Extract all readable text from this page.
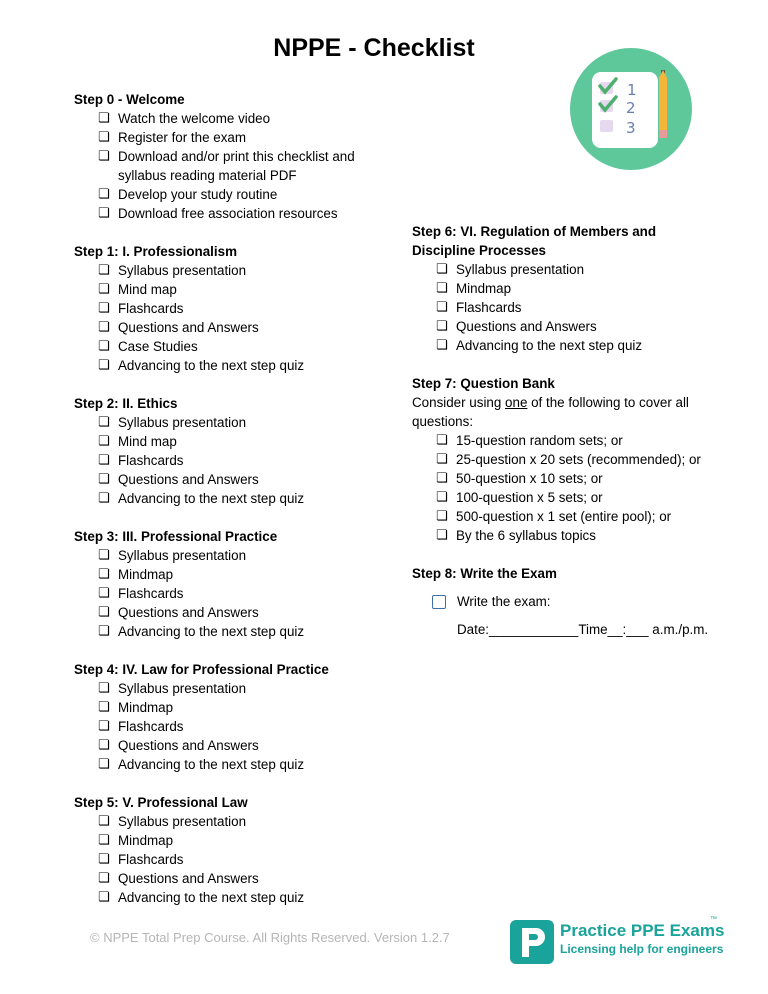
NPPE - Checklist
1
2
3
Step 0 - Welcome
❏ Watch the welcome video
❏ Register for the exam
❏ Download and/or print this checklist and
syllabus reading material PDF
❏ Develop your study routine
❏ Download free association resources
Step 1: I. Professionalism
❏ Syllabus presentation
❏ Mind map
❏ Flashcards
❏ Questions and Answers
❏ Case Studies
❏ Advancing to the next step quiz
Step 2: II. Ethics
❏ Syllabus presentation
❏ Mind map
❏ Flashcards
❏ Questions and Answers
❏ Advancing to the next step quiz
Step 3: III. Professional Practice
❏ Syllabus presentation
❏ Mindmap
❏ Flashcards
❏ Questions and Answers
❏ Advancing to the next step quiz
Step 4: IV. Law for Professional Practice
❏ Syllabus presentation
❏ Mindmap
❏ Flashcards
❏ Questions and Answers
❏ Advancing to the next step quiz
Step 5: V. Professional Law
❏ Syllabus presentation
❏ Mindmap
❏ Flashcards
❏ Questions and Answers
❏ Advancing to the next step quiz
Step 6: VI. Regulation of Members and
Discipline Processes
❏ Syllabus presentation
❏ Mindmap
❏ Flashcards
❏ Questions and Answers
❏ Advancing to the next step quiz
Step 7: Question Bank
Consider using one of the following to cover all
questions:
❏ 15-question random sets; or
❏ 25-question x 20 sets (recommended); or
❏ 50-question x 10 sets; or
❏ 100-question x 5 sets; or
❏ 500-question x 1 set (entire pool); or
❏ By the 6 syllabus topics
Step 8: Write the Exam
Write the exam:
Date:____________Time__:___ a.m./p.m.
© NPPE Total Prep Course. All Rights Reserved. Version 1.2.7	Practice PPE Exams
™
Licensing help for engineers
